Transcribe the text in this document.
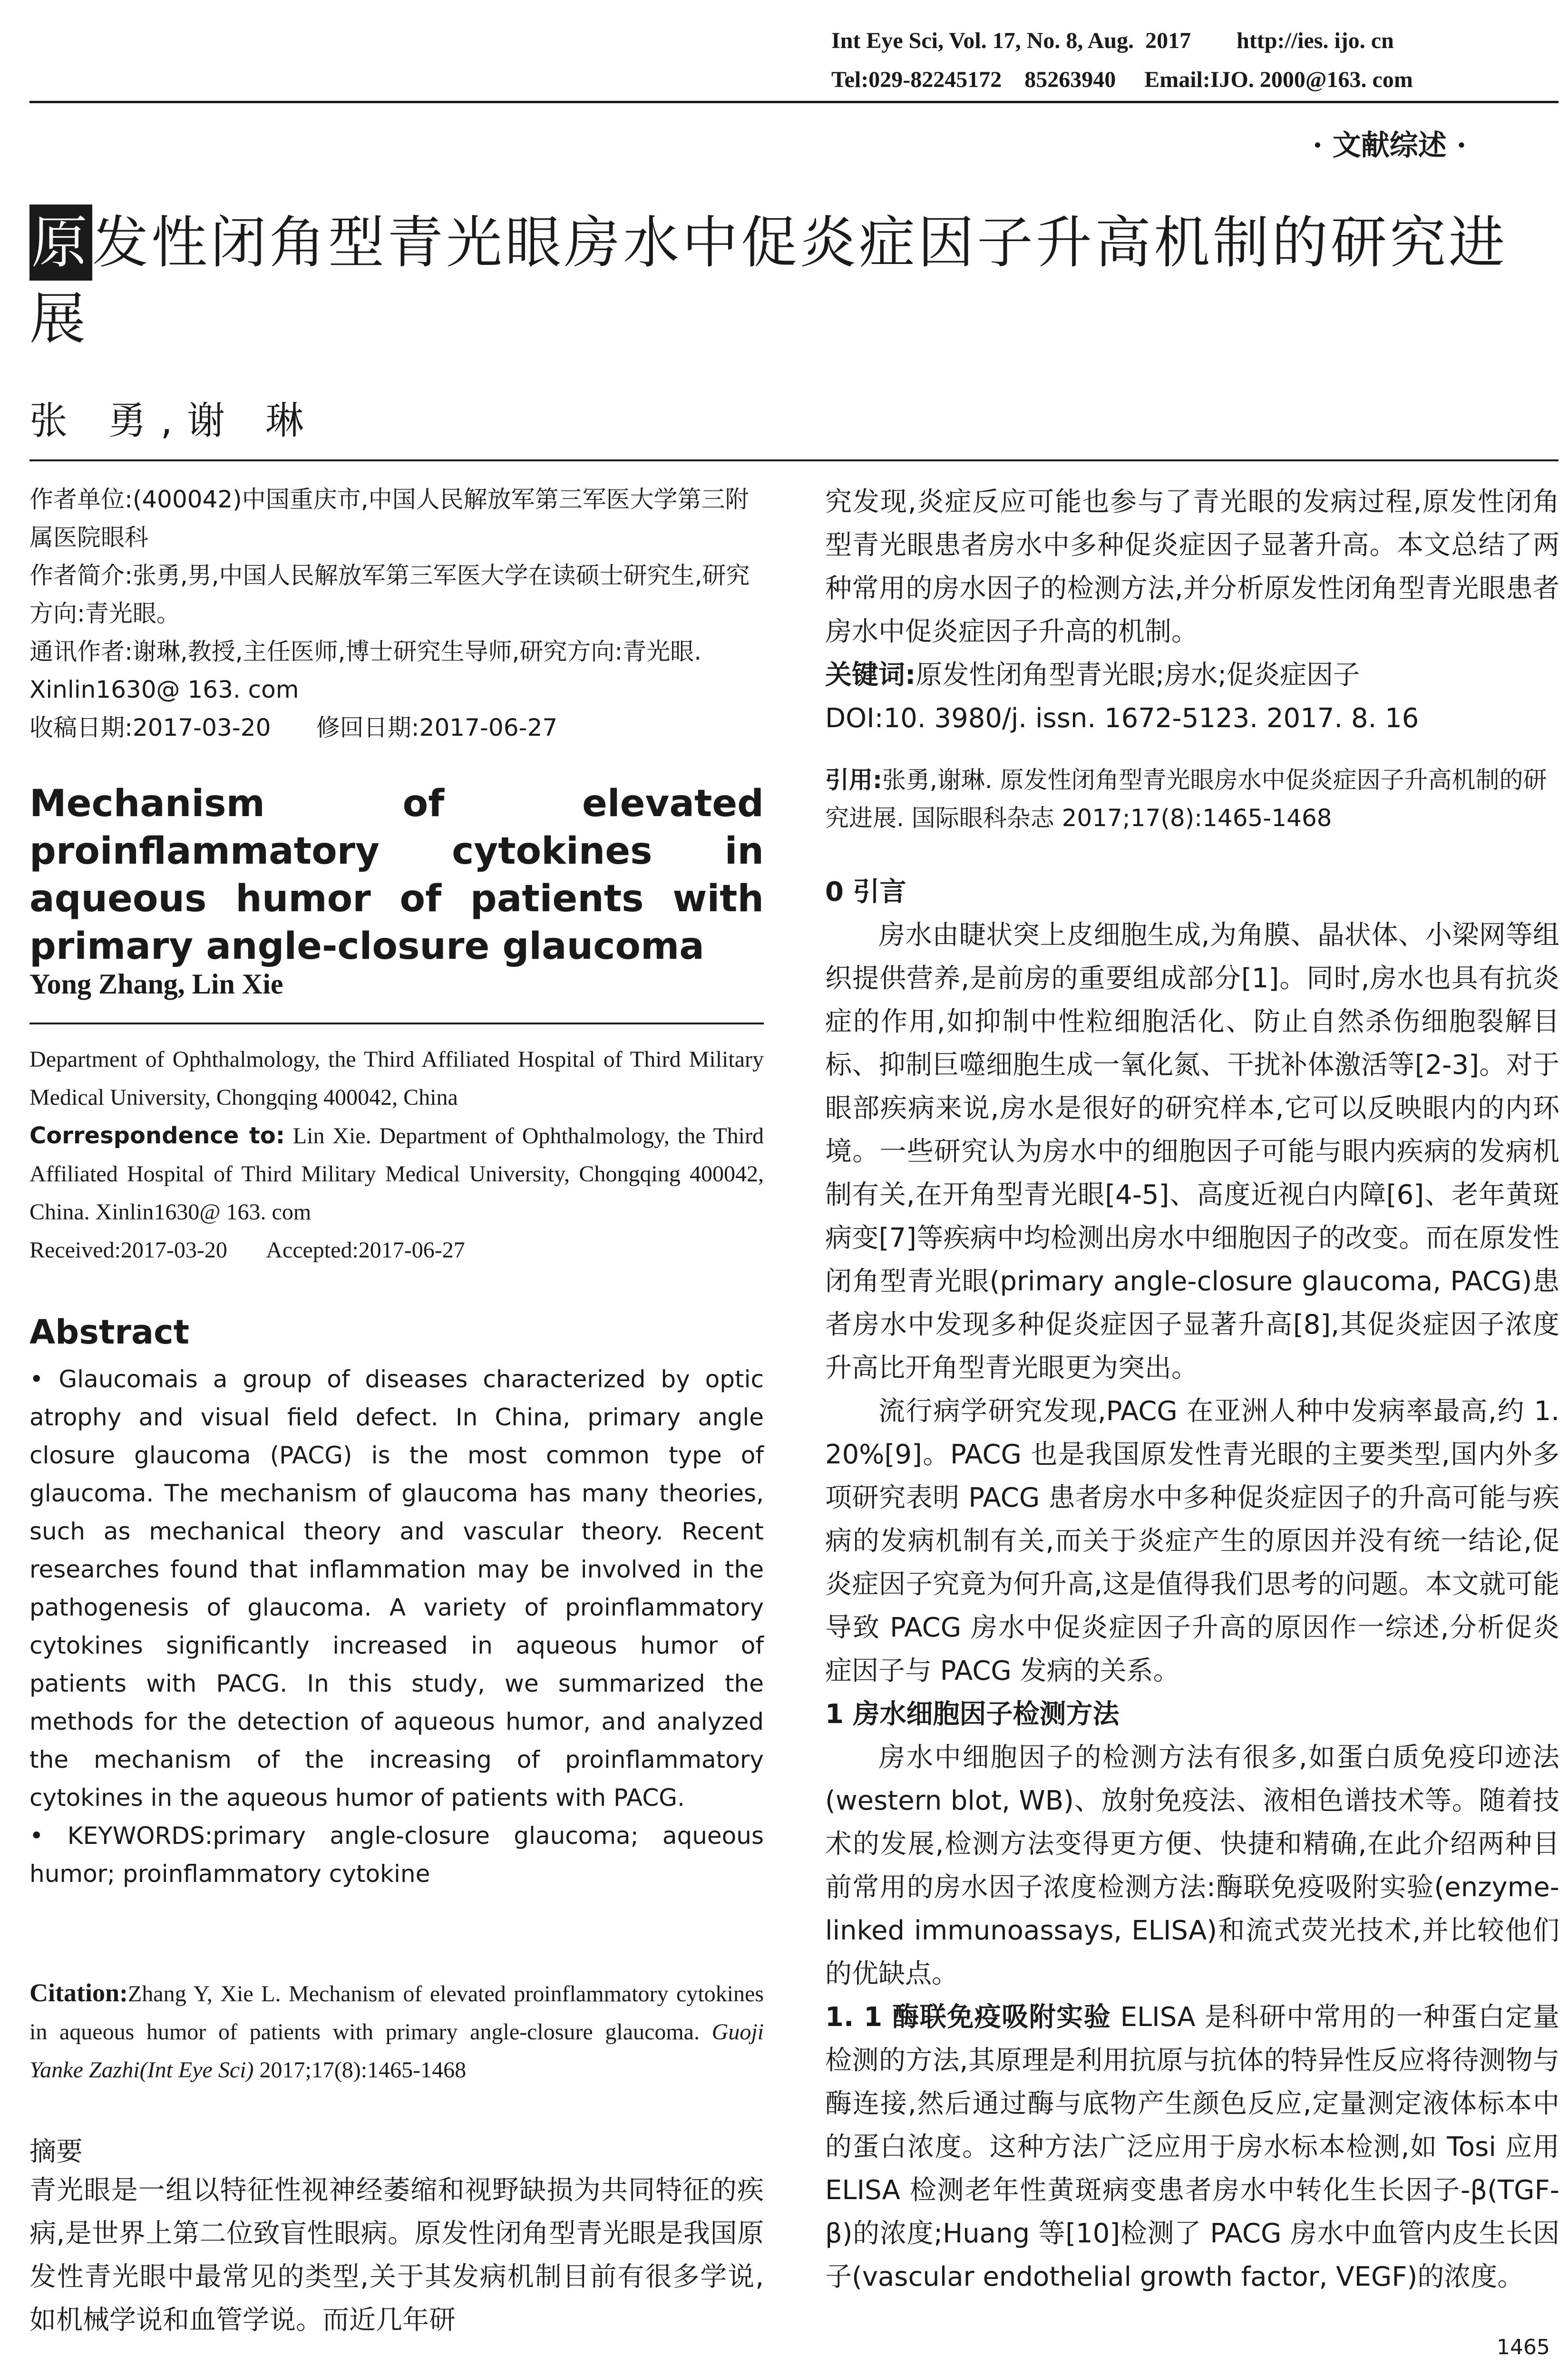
Int Eye Sci, Vol. 17, No. 8, Aug.  2017        http://ies. ijo. cn
Tel:029-82245172    85263940     Email:IJO. 2000@163. com
· 文献综述 ·
原发性闭角型青光眼房水中促炎症因子升高机制的研究进展
张 勇,谢 琳

作者单位:(400042)中国重庆市,中国人民解放军第三军医大学第三附属医院眼科

作者简介:张勇,男,中国人民解放军第三军医大学在读硕士研究生,研究方向:青光眼。

通讯作者:谢琳,教授,主任医师,博士研究生导师,研究方向:青光眼. Xinlin1630@ 163. com

收稿日期:2017-03-20      修回日期:2017-06-27

Mechanism of elevated proinflammatory cytokines in aqueous humor of patients with primary angle-closure glaucoma
Yong Zhang, Lin Xie

Department of Ophthalmology, the Third Affiliated Hospital of Third Military Medical University, Chongqing 400042, China

Correspondence to: Lin Xie. Department of Ophthalmology, the Third Affiliated Hospital of Third Military Medical University, Chongqing 400042, China. Xinlin1630@ 163. com

Received:2017-03-20       Accepted:2017-06-27

Abstract

• Glaucomais a group of diseases characterized by optic atrophy and visual field defect. In China, primary angle closure glaucoma (PACG) is the most common type of glaucoma. The mechanism of glaucoma has many theories, such as mechanical theory and vascular theory. Recent researches found that inflammation may be involved in the pathogenesis of glaucoma. A variety of proinflammatory cytokines significantly increased in aqueous humor of patients with PACG. In this study, we summarized the methods for the detection of aqueous humor, and analyzed the mechanism of the increasing of proinflammatory cytokines in the aqueous humor of patients with PACG.

• KEYWORDS:primary angle-closure glaucoma; aqueous humor; proinflammatory cytokine

Citation:Zhang Y, Xie L. Mechanism of elevated proinflammatory cytokines in aqueous humor of patients with primary angle-closure glaucoma. Guoji Yanke Zazhi(Int Eye Sci) 2017;17(8):1465-1468
摘要
青光眼是一组以特征性视神经萎缩和视野缺损为共同特征的疾病,是世界上第二位致盲性眼病。原发性闭角型青光眼是我国原发性青光眼中最常见的类型,关于其发病机制目前有很多学说,如机械学说和血管学说。而近几年研

究发现,炎症反应可能也参与了青光眼的发病过程,原发性闭角型青光眼患者房水中多种促炎症因子显著升高。本文总结了两种常用的房水因子的检测方法,并分析原发性闭角型青光眼患者房水中促炎症因子升高的机制。

关键词:原发性闭角型青光眼;房水;促炎症因子

DOI:10. 3980/j. issn. 1672-5123. 2017. 8. 16

引用:张勇,谢琳. 原发性闭角型青光眼房水中促炎症因子升高机制的研究进展. 国际眼科杂志 2017;17(8):1465-1468

0 引言

房水由睫状突上皮细胞生成,为角膜、晶状体、小梁网等组织提供营养,是前房的重要组成部分[1]。同时,房水也具有抗炎症的作用,如抑制中性粒细胞活化、防止自然杀伤细胞裂解目标、抑制巨噬细胞生成一氧化氮、干扰补体激活等[2-3]。对于眼部疾病来说,房水是很好的研究样本,它可以反映眼内的内环境。一些研究认为房水中的细胞因子可能与眼内疾病的发病机制有关,在开角型青光眼[4-5]、高度近视白内障[6]、老年黄斑病变[7]等疾病中均检测出房水中细胞因子的改变。而在原发性闭角型青光眼(primary angle-closure glaucoma, PACG)患者房水中发现多种促炎症因子显著升高[8],其促炎症因子浓度升高比开角型青光眼更为突出。

流行病学研究发现,PACG 在亚洲人种中发病率最高,约 1. 20%[9]。PACG 也是我国原发性青光眼的主要类型,国内外多项研究表明 PACG 患者房水中多种促炎症因子的升高可能与疾病的发病机制有关,而关于炎症产生的原因并没有统一结论,促炎症因子究竟为何升高,这是值得我们思考的问题。本文就可能导致 PACG 房水中促炎症因子升高的原因作一综述,分析促炎症因子与 PACG 发病的关系。

1 房水细胞因子检测方法

房水中细胞因子的检测方法有很多,如蛋白质免疫印迹法(western blot, WB)、放射免疫法、液相色谱技术等。随着技术的发展,检测方法变得更方便、快捷和精确,在此介绍两种目前常用的房水因子浓度检测方法:酶联免疫吸附实验(enzyme-linked immunoassays, ELISA)和流式荧光技术,并比较他们的优缺点。

1. 1 酶联免疫吸附实验 ELISA 是科研中常用的一种蛋白定量检测的方法,其原理是利用抗原与抗体的特异性反应将待测物与酶连接,然后通过酶与底物产生颜色反应,定量测定液体标本中的蛋白浓度。这种方法广泛应用于房水标本检测,如 Tosi 应用 ELISA 检测老年性黄斑病变患者房水中转化生长因子-β(TGF-β)的浓度;Huang 等[10]检测了 PACG 房水中血管内皮生长因子(vascular endothelial growth factor, VEGF)的浓度。

1465
